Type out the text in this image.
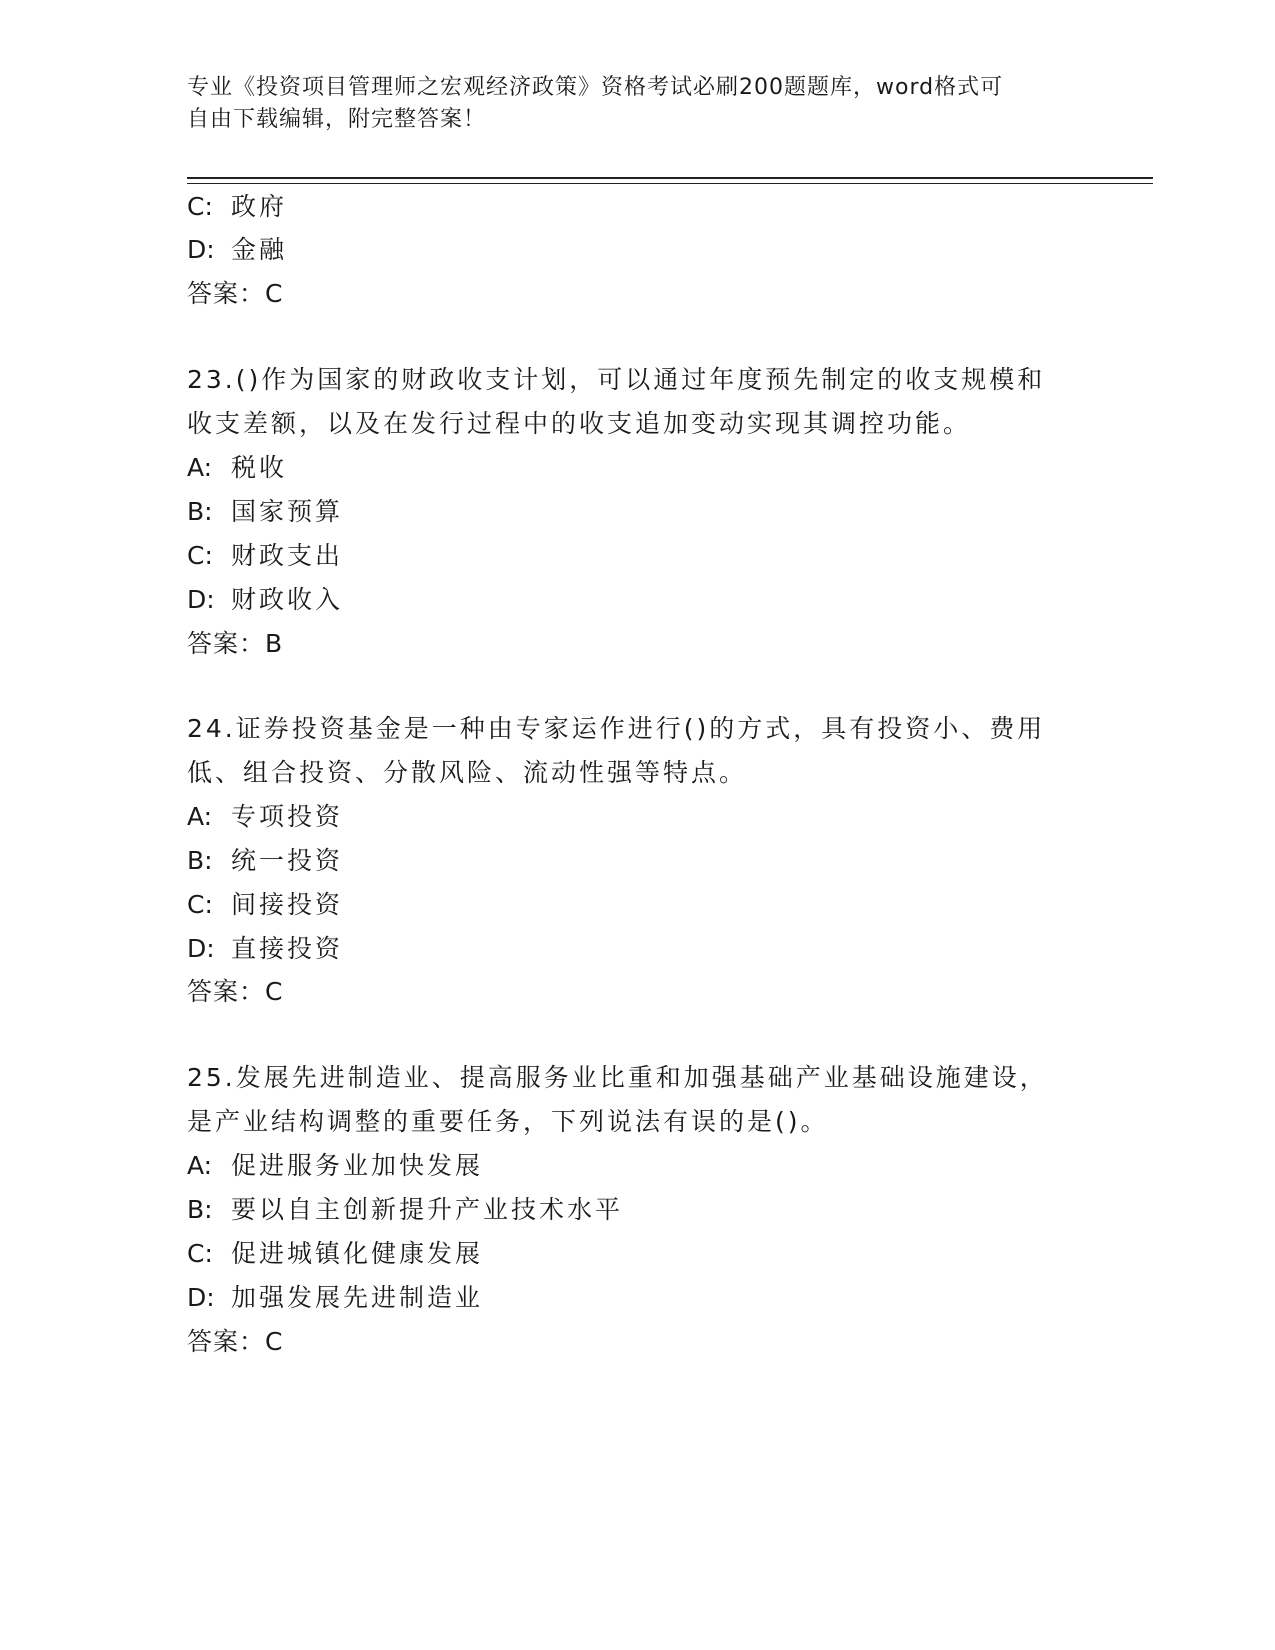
专业《投资项目管理师之宏观经济政策》资格考试必刷200题题库，word格式可
自由下载编辑，附完整答案！
C: 政府
D: 金融
答案：C
23.()作为国家的财政收支计划，可以通过年度预先制定的收支规模和
收支差额，以及在发行过程中的收支追加变动实现其调控功能。
A: 税收
B: 国家预算
C: 财政支出
D: 财政收入
答案：B
24.证券投资基金是一种由专家运作进行()的方式，具有投资小、费用
低、组合投资、分散风险、流动性强等特点。
A: 专项投资
B: 统一投资
C: 间接投资
D: 直接投资
答案：C
25.发展先进制造业、提高服务业比重和加强基础产业基础设施建设，
是产业结构调整的重要任务，下列说法有误的是()。
A: 促进服务业加快发展
B: 要以自主创新提升产业技术水平
C: 促进城镇化健康发展
D: 加强发展先进制造业
答案：C
